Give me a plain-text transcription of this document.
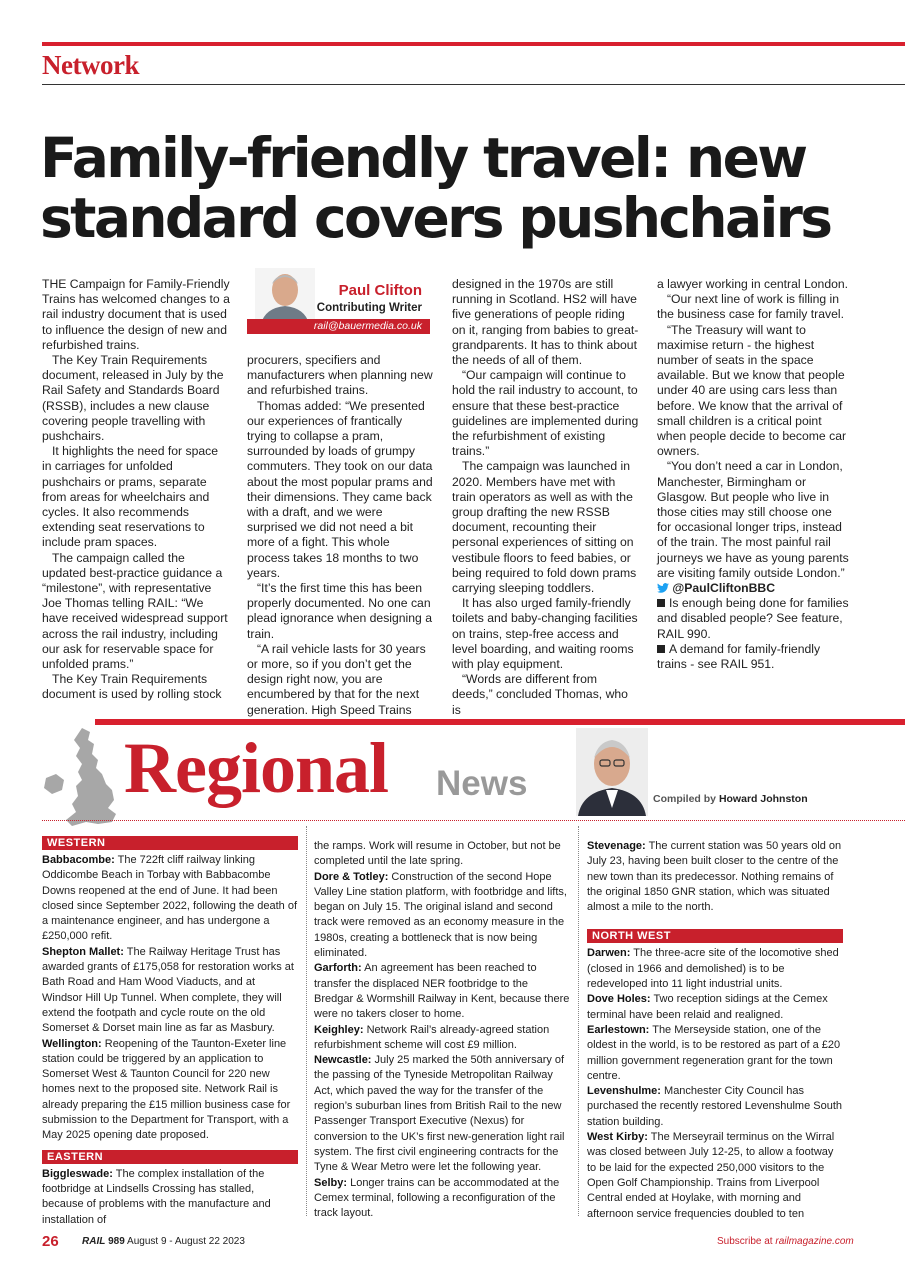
Network
Family-friendly travel: new standard covers pushchairs

THE Campaign for Family-Friendly Trains has welcomed changes to a rail industry document that is used to influence the design of new and refurbished trains.

The Key Train Requirements document, released in July by the Rail Safety and Standards Board (RSSB), includes a new clause covering people travelling with pushchairs.

It highlights the need for space in carriages for unfolded pushchairs or prams, separate from areas for wheelchairs and cycles. It also recommends extending seat reservations to include pram spaces.

The campaign called the updated best-practice guidance a “milestone”, with representative Joe Thomas telling RAIL: “We have received widespread support across the rail industry, including our ask for reservable space for unfolded prams.”

The Key Train Requirements document is used by rolling stock

Paul Clifton
Contributing Writer
rail@bauermedia.co.uk

procurers, specifiers and manufacturers when planning new and refurbished trains.

Thomas added: “We presented our experiences of frantically trying to collapse a pram, surrounded by loads of grumpy commuters. They took on our data about the most popular prams and their dimensions. They came back with a draft, and we were surprised we did not need a bit more of a fight. This whole process takes 18 months to two years.

“It’s the first time this has been properly documented. No one can plead ignorance when designing a train.

“A rail vehicle lasts for 30 years or more, so if you don’t get the design right now, you are encumbered by that for the next generation. High Speed Trains

designed in the 1970s are still running in Scotland. HS2 will have five generations of people riding on it, ranging from babies to great-grandparents. It has to think about the needs of all of them.

“Our campaign will continue to hold the rail industry to account, to ensure that these best-practice guidelines are implemented during the refurbishment of existing trains.”

The campaign was launched in 2020. Members have met with train operators as well as with the group drafting the new RSSB document, recounting their personal experiences of sitting on vestibule floors to feed babies, or being required to fold down prams carrying sleeping toddlers.

It has also urged family-friendly toilets and baby-changing facilities on trains, step-free access and level boarding, and waiting rooms with play equipment.

“Words are different from deeds,” concluded Thomas, who is

a lawyer working in central London.

“Our next line of work is filling in the business case for family travel.

“The Treasury will want to maximise return - the highest number of seats in the space available. But we know that people under 40 are using cars less than before. We know that the arrival of small children is a critical point when people decide to become car owners.

“You don’t need a car in London, Manchester, Birmingham or Glasgow. But people who live in those cities may still choose one for occasional longer trips, instead of the train. The most painful rail journeys we have as young parents are visiting family outside London.”

@PaulCliftonBBC

Is enough being done for families and disabled people? See feature, RAIL 990.

A demand for family-friendly trains - see RAIL 951.

Regional News	Compiled by Howard Johnston
WESTERN

Babbacombe: The 722ft cliff railway linking Oddicombe Beach in Torbay with Babbacombe Downs reopened at the end of June. It had been closed since September 2022, following the death of a maintenance engineer, and has undergone a £250,000 refit.

Shepton Mallet: The Railway Heritage Trust has awarded grants of £175,058 for restoration works at Bath Road and Ham Wood Viaducts, and at Windsor Hill Up Tunnel. When complete, they will extend the footpath and cycle route on the old Somerset & Dorset main line as far as Masbury.

Wellington: Reopening of the Taunton-Exeter line station could be triggered by an application to Somerset West & Taunton Council for 220 new homes next to the proposed site. Network Rail is already preparing the £15 million business case for submission to the Department for Transport, with a May 2025 opening date proposed.

EASTERN

Biggleswade: The complex installation of the footbridge at Lindsells Crossing has stalled, because of problems with the manufacture and installation of

the ramps. Work will resume in October, but not be completed until the late spring.

Dore & Totley: Construction of the second Hope Valley Line station platform, with footbridge and lifts, began on July 15. The original island and second track were removed as an economy measure in the 1980s, creating a bottleneck that is now being eliminated.

Garforth: An agreement has been reached to transfer the displaced NER footbridge to the Bredgar & Wormshill Railway in Kent, because there were no takers closer to home.

Keighley: Network Rail’s already-agreed station refurbishment scheme will cost £9 million.

Newcastle: July 25 marked the 50th anniversary of the passing of the Tyneside Metropolitan Railway Act, which paved the way for the transfer of the region’s suburban lines from British Rail to the new Passenger Transport Executive (Nexus) for conversion to the UK’s first new-generation light rail system. The first civil engineering contracts for the Tyne & Wear Metro were let the following year.

Selby: Longer trains can be accommodated at the Cemex terminal, following a reconfiguration of the track layout.

Stevenage: The current station was 50 years old on July 23, having been built closer to the centre of the new town than its predecessor. Nothing remains of the original 1850 GNR station, which was situated almost a mile to the north.

NORTH WEST

Darwen: The three-acre site of the locomotive shed (closed in 1966 and demolished) is to be redeveloped into 11 light industrial units.

Dove Holes: Two reception sidings at the Cemex terminal have been relaid and realigned.

Earlestown: The Merseyside station, one of the oldest in the world, is to be restored as part of a £20 million government regeneration grant for the town centre.

Levenshulme: Manchester City Council has purchased the recently restored Levenshulme South station building.

West Kirby: The Merseyrail terminus on the Wirral was closed between July 12-25, to allow a footway to be laid for the expected 250,000 visitors to the Open Golf Championship. Trains from Liverpool Central ended at Hoylake, with morning and afternoon service frequencies doubled to ten

26 RAIL 989 August 9 - August 22 2023	Subscribe at railmagazine.com
